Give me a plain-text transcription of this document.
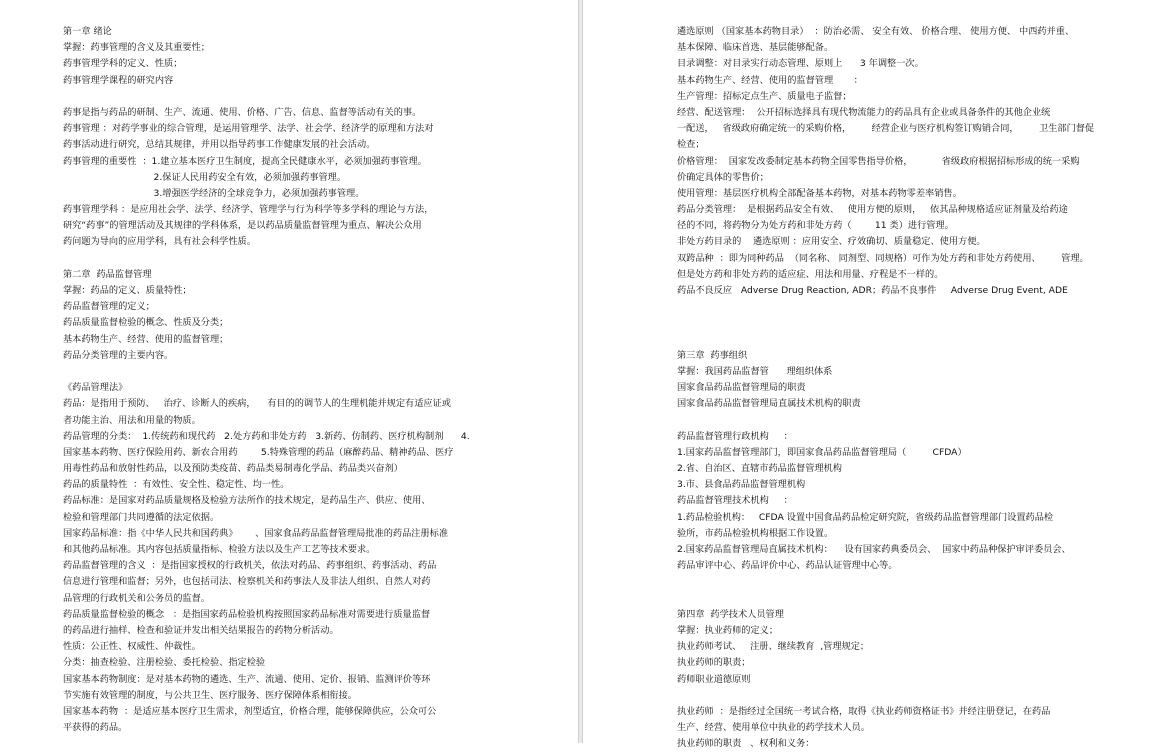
第一章 绪论
掌握：药事管理的含义及其重要性；
药事管理学科的定义、性质；
药事管理学课程的研究内容
药事是指与药品的研制、生产、流通、使用、价格、广告、信息、监督等活动有关的事。
药事管理 ：对药学事业的综合管理，是运用管理学、法学、社会学、经济学的原理和方法对
药事活动进行研究，总结其规律，并用以指导药事工作健康发展的社会活动。
药事管理的重要性  ：1.建立基本医疗卫生制度，提高全民健康水平，必须加强药事管理。
2.保证人民用药安全有效，必须加强药事管理。
3.增强医学经济的全球竞争力，必须加强药事管理。
药事管理学科 ：是应用社会学、法学、经济学、管理学与行为科学等多学科的理论与方法，
研究“药事”的管理活动及其规律的学科体系，是以药品质量监督管理为重点、解决公众用
药问题为导向的应用学科，具有社会科学性质。
第二章  药品监督管理
掌握：药品的定义、质量特性；
药品监督管理的定义；
药品质量监督检验的概念、性质及分类；
基本药物生产、经营、使用的监督管理；
药品分类管理的主要内容。
《药品管理法》
药品：是指用于预防、   治疗、诊断人的疾病，    有目的的调节人的生理机能并规定有适应证或
者功能主治、用法和用量的物质。
药品管理的分类：  1.传统药和现代药   2.处方药和非处方药   3.新药、仿制药、医疗机构制剂      4.
国家基本药物、医疗保险用药、新农合用药        5.特殊管理的药品（麻醉药品、精神药品、医疗
用毒性药品和放射性药品，以及预防类疫苗、药品类易制毒化学品、药品类兴奋剂）
药品的质量特性  ：有效性、安全性、稳定性、均一性。
药品标准：是国家对药品质量规格及检验方法所作的技术规定，是药品生产、供应、使用、
检验和管理部门共同遵循的法定依据。
国家药品标准：指《中华人民共和国药典》      、国家食品药品监督管理局批准的药品注册标准
和其他药品标准。其内容包括质量指标、检验方法以及生产工艺等技术要求。
药品监督管理的含义  ：是指国家授权的行政机关，依法对药品、药事组织、药事活动、药品
信息进行管理和监督；另外，也包括司法、检察机关和药事法人及非法人组织、自然人对药
品管理的行政机关和公务员的监督。
药品质量监督检验的概念   ：是指国家药品检验机构按照国家药品标准对需要进行质量监督
的药品进行抽样、检查和验证并发出相关结果报告的药物分析活动。
性质：公正性、权威性、仲裁性。
分类：抽查检验、注册检验、委托检验、指定检验
国家基本药物制度：是对基本药物的遴选、生产、流通、使用、定价、报销、监测评价等环
节实施有效管理的制度，与公共卫生、医疗服务、医疗保障体系相衔接。
国家基本药物  ：是适应基本医疗卫生需求，剂型适宜，价格合理，能够保障供应，公众可公
平获得的药品。
遴选原则 （国家基本药物目录）  ：防治必需、 安全有效、 价格合理、 使用方便、 中西药并重、
基本保障、临床首选、基层能够配备。
目录调整：对目录实行动态管理、原则上      3 年调整一次。
基本药物生产、经营、使用的监督管理       ：
生产管理：招标定点生产、质量电子监督；
经营、配送管理：  公开招标选择具有现代物流能力的药品具有企业或具备条件的其他企业统
一配送，   省级政府确定统一的采购价格，       经营企业与医疗机构签订购销合同，       卫生部门督促
检查；
价格管理：  国家发改委制定基本药物全国零售指导价格，          省级政府根据招标形成的统一采购
价确定具体的零售价；
使用管理：基层医疗机构全部配备基本药物，对基本药物零差率销售。
药品分类管理：  是根据药品安全有效、   使用方便的原则，   依其品种规格适应证剂量及给药途
径的不同，将药物分为处方药和非处方药（        11 类）进行管理。
非处方药目录的    遴选原则 ：应用安全、疗效确切、质量稳定、使用方便。
双跨品种  ：即为同种药品  （同名称、 同剂型、同规格）可作为处方药和非处方药使用、       管理。
但是处方药和非处方药的适应症、用法和用量、疗程是不一样的。
药品不良反应   Adverse Drug Reaction, ADR；药品不良事件     Adverse Drug Event, ADE
第三章  药事组织
掌握：我国药品监督管      理组织体系
国家食品药品监督管理局的职责
国家食品药品监督管理局直属技术机构的职责
药品监督管理行政机构     ：
1.国家药品监督管理部门，即国家食品药品监督管理局（         CFDA）
2.省、自治区、直辖市药品监督管理机构
3.市、县食品药品监督管理机构
药品监督管理技术机构     ：
1.药品检验机构：   CFDA 设置中国食品药品检定研究院，省级药品监督管理部门设置药品检
验所，市药品检验机构根据工作设置。
2.国家药品监督管理局直属技术机构：    设有国家药典委员会、  国家中药品种保护审评委员会、
药品审评中心、药品评价中心、药品认证管理中心等。
第四章  药学技术人员管理
掌握：执业药师的定义；
执业药师考试、   注册、继续教育  ,管理规定；
执业药师的职责；
药师职业道德原则
执业药师  ：是指经过全国统一考试合格，取得《执业药师资格证书》并经注册登记，在药品
生产、经营、使用单位中执业的药学技术人员。
执业药师的职责   、权利和义务：
